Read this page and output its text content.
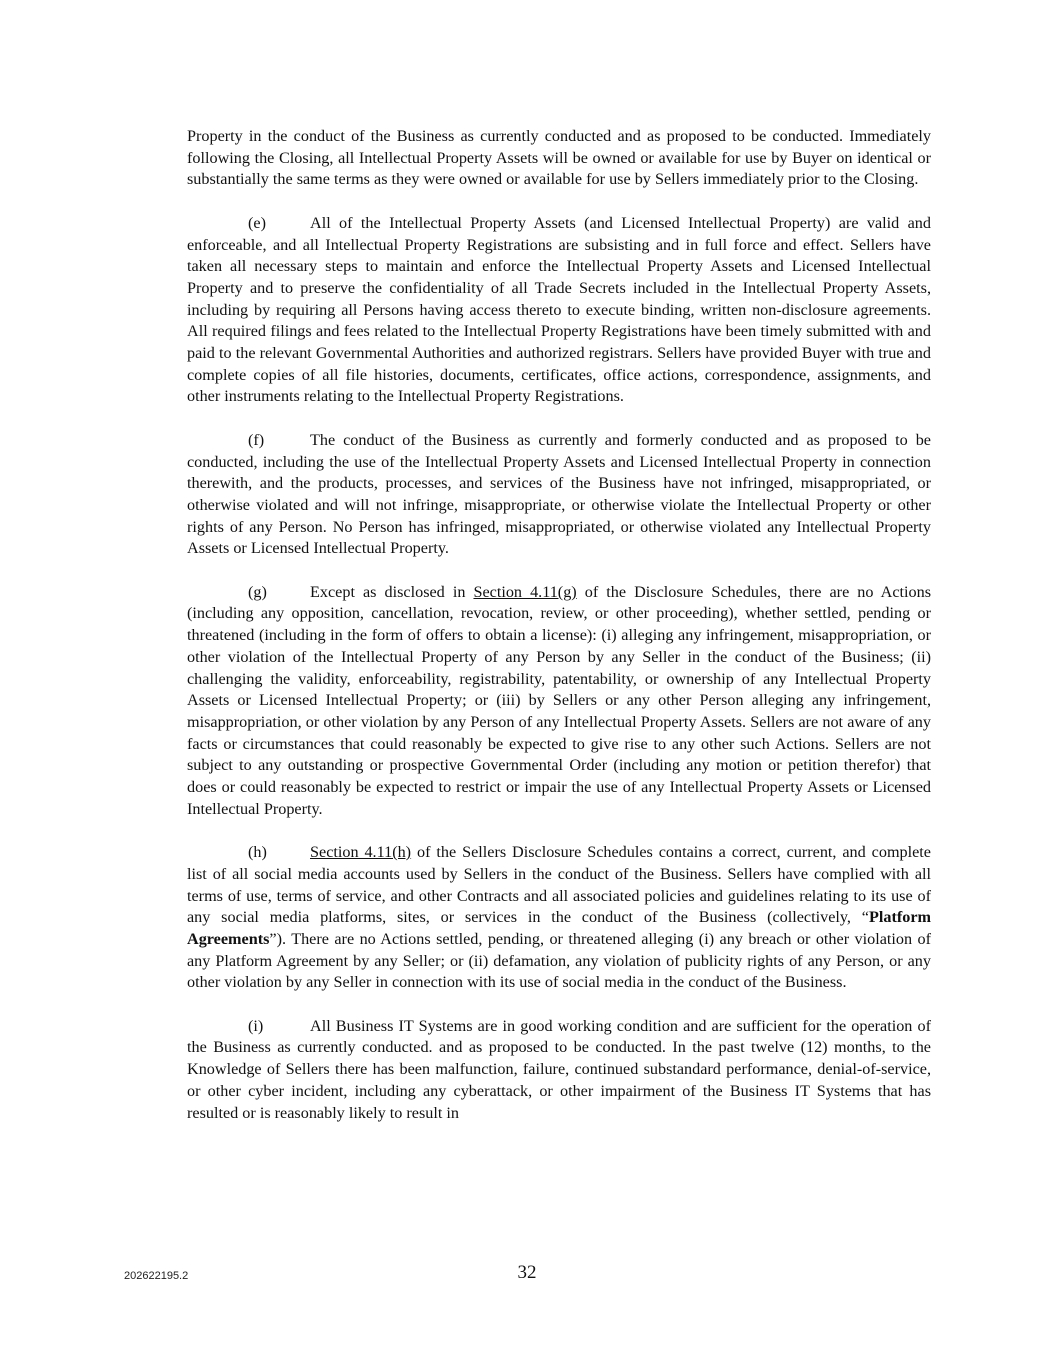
Property in the conduct of the Business as currently conducted and as proposed to be conducted. Immediately following the Closing, all Intellectual Property Assets will be owned or available for use by Buyer on identical or substantially the same terms as they were owned or available for use by Sellers immediately prior to the Closing.

(e)	All of the Intellectual Property Assets (and Licensed Intellectual Property) are valid and enforceable, and all Intellectual Property Registrations are subsisting and in full force and effect. Sellers have taken all necessary steps to maintain and enforce the Intellectual Property Assets and Licensed Intellectual Property and to preserve the confidentiality of all Trade Secrets included in the Intellectual Property Assets, including by requiring all Persons having access thereto to execute binding, written non-disclosure agreements. All required filings and fees related to the Intellectual Property Registrations have been timely submitted with and paid to the relevant Governmental Authorities and authorized registrars. Sellers have provided Buyer with true and complete copies of all file histories, documents, certificates, office actions, correspondence, assignments, and other instruments relating to the Intellectual Property Registrations.

(f)	The conduct of the Business as currently and formerly conducted and as proposed to be conducted, including the use of the Intellectual Property Assets and Licensed Intellectual Property in connection therewith, and the products, processes, and services of the Business have not infringed, misappropriated, or otherwise violated and will not infringe, misappropriate, or otherwise violate the Intellectual Property or other rights of any Person. No Person has infringed, misappropriated, or otherwise violated any Intellectual Property Assets or Licensed Intellectual Property.

(g)	Except as disclosed in Section 4.11(g) of the Disclosure Schedules, there are no Actions (including any opposition, cancellation, revocation, review, or other proceeding), whether settled, pending or threatened (including in the form of offers to obtain a license): (i) alleging any infringement, misappropriation, or other violation of the Intellectual Property of any Person by any Seller in the conduct of the Business; (ii) challenging the validity, enforceability, registrability, patentability, or ownership of any Intellectual Property Assets or Licensed Intellectual Property; or (iii) by Sellers or any other Person alleging any infringement, misappropriation, or other violation by any Person of any Intellectual Property Assets. Sellers are not aware of any facts or circumstances that could reasonably be expected to give rise to any other such Actions. Sellers are not subject to any outstanding or prospective Governmental Order (including any motion or petition therefor) that does or could reasonably be expected to restrict or impair the use of any Intellectual Property Assets or Licensed Intellectual Property.

(h)	Section 4.11(h) of the Sellers Disclosure Schedules contains a correct, current, and complete list of all social media accounts used by Sellers in the conduct of the Business. Sellers have complied with all terms of use, terms of service, and other Contracts and all associated policies and guidelines relating to its use of any social media platforms, sites, or services in the conduct of the Business (collectively, “Platform Agreements”). There are no Actions settled, pending, or threatened alleging (i) any breach or other violation of any Platform Agreement by any Seller; or (ii) defamation, any violation of publicity rights of any Person, or any other violation by any Seller in connection with its use of social media in the conduct of the Business.

(i)	All Business IT Systems are in good working condition and are sufficient for the operation of the Business as currently conducted. and as proposed to be conducted. In the past twelve (12) months, to the Knowledge of Sellers there has been malfunction, failure, continued substandard performance, denial-of-service, or other cyber incident, including any cyberattack, or other impairment of the Business IT Systems that has resulted or is reasonably likely to result in

202622195.2	32
